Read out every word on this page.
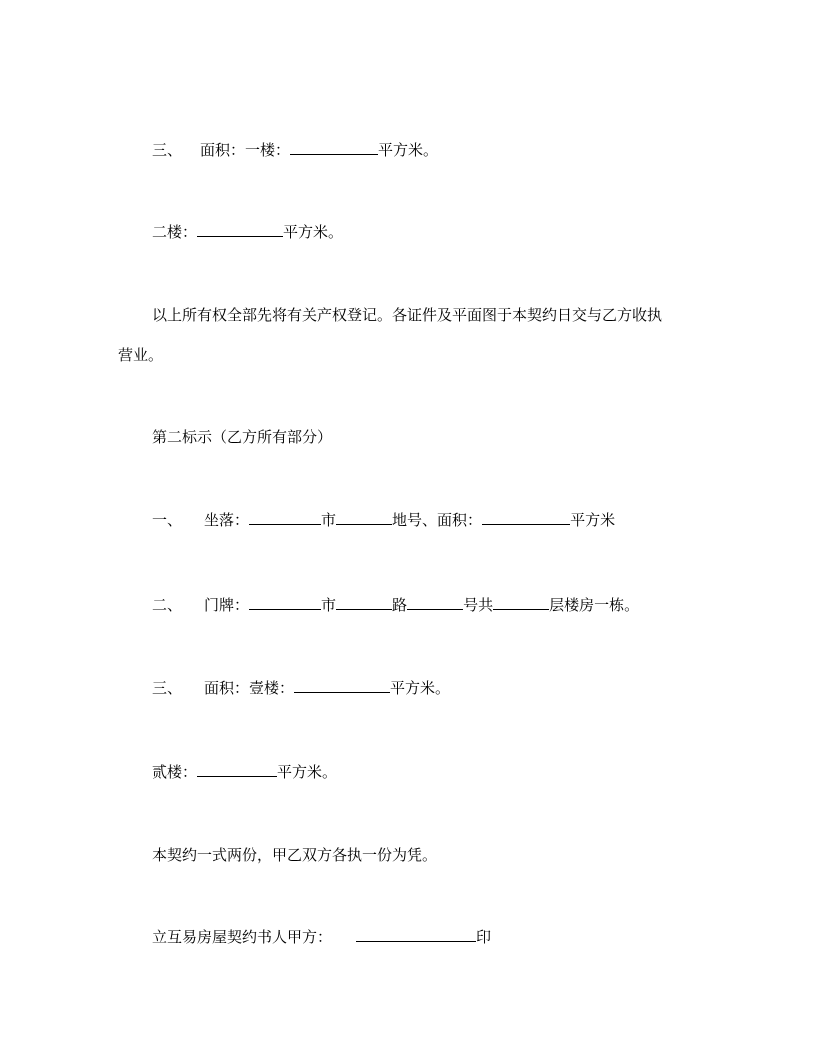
三、 面积：一楼：	平方米。
二楼：	平方米。
以上所有权全部先将有关产权登记。各证件及平面图于本契约日交与乙方收执
营业。
第二标示（乙方所有部分）
一、 坐落：	市	地号、面积：	平方米
二、 门牌：	市	路	号共	层楼房一栋。
三、 面积：壹楼：	平方米。
贰楼：	平方米。
本契约一式两份，甲乙双方各执一份为凭。
立互易房屋契约书人甲方：	印
